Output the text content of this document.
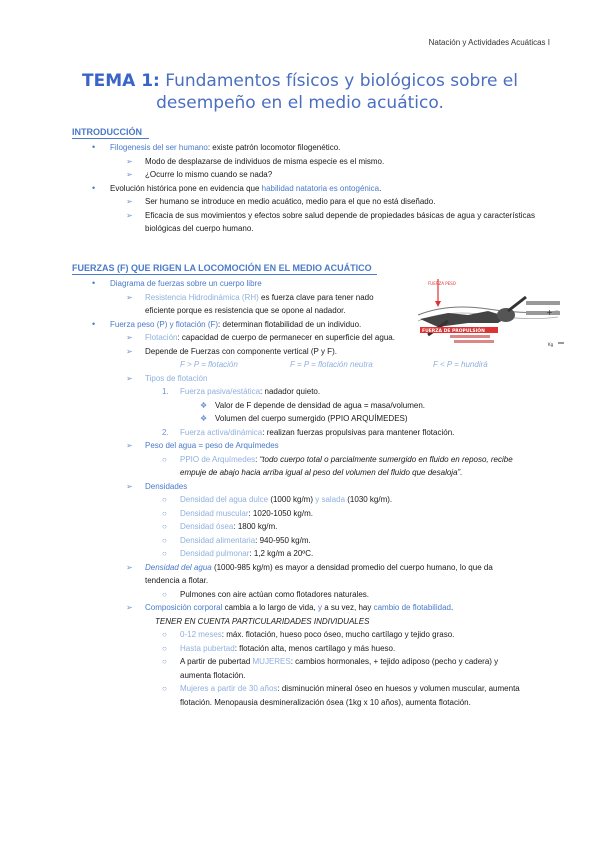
Natación y Actividades Acuáticas I
TEMA 1: Fundamentos físicos y biológicos sobre el
desempeño en el medio acuático.
INTRODUCCIÓN
• Filogenesis del ser humano: existe patrón locomotor filogenético.
➢ Modo de desplazarse de individuos de misma especie es el mismo.
➢ ¿Ocurre lo mismo cuando se nada?
• Evolución histórica pone en evidencia que habilidad natatoria es ontogénica.
➢ Ser humano se introduce en medio acuático, medio para el que no está diseñado.
➢ Eficacia de sus movimientos y efectos sobre salud depende de propiedades básicas de agua y características biológicas del cuerpo humano.
FUERZAS (F) QUE RIGEN LA LOCOMOCIÓN EN EL MEDIO ACUÁTICO
+
FUERZA PESO
FUERZA DE PROPULSIÓN
Kg
• Diagrama de fuerzas sobre un cuerpo libre
➢ Resistencia Hidrodinámica (RH) es fuerza clave para tener nado eficiente porque es resistencia que se opone al nadador.
• Fuerza peso (P) y flotación (F): determinan flotabilidad de un individuo.
➢ Flotación: capacidad de cuerpo de permanecer en superficie del agua.
➢ Depende de Fuerzas con componente vertical (P y F).
F > P = flotación	F = P = flotación neutra	F < P = hundirá
➢ Tipos de flotación
1. Fuerza pasiva/estática: nadador quieto.
❖ Valor de F depende de densidad de agua = masa/volumen.
❖ Volumen del cuerpo sumergido (PPIO ARQUÍMEDES)
2. Fuerza activa/dinámica: realizan fuerzas propulsivas para mantener flotación.
➢ Peso del agua = peso de Arquímedes
○ PPIO de Arquímedes: “todo cuerpo total o parcialmente sumergido en fluido en reposo, recibe empuje de abajo hacia arriba igual al peso del volumen del fluido que desaloja”.
➢ Densidades
○ Densidad del agua dulce (1000 kg/m) y salada (1030 kg/m).
○ Densidad muscular: 1020-1050 kg/m.
○ Densidad ósea: 1800 kg/m.
○ Densidad alimentaria: 940-950 kg/m.
○ Densidad pulmonar: 1,2 kg/m a 20ºC.
➢ Densidad del agua (1000-985 kg/m) es mayor a densidad promedio del cuerpo humano, lo que da tendencia a flotar.
○ Pulmones con aire actúan como flotadores naturales.
➢ Composición corporal cambia a lo largo de vida, y a su vez, hay cambio de flotabilidad.
TENER EN CUENTA PARTICULARIDADES INDIVIDUALES
○ 0-12 meses: máx. flotación, hueso poco óseo, mucho cartílago y tejido graso.
○ Hasta pubertad: flotación alta, menos cartílago y más hueso.
○ A partir de pubertad MUJERES: cambios hormonales, + tejido adiposo (pecho y cadera) y aumenta flotación.
○ Mujeres a partir de 30 años: disminución mineral óseo en huesos y volumen muscular, aumenta flotación. Menopausia desmineralización ósea (1kg x 10 años), aumenta flotación.
